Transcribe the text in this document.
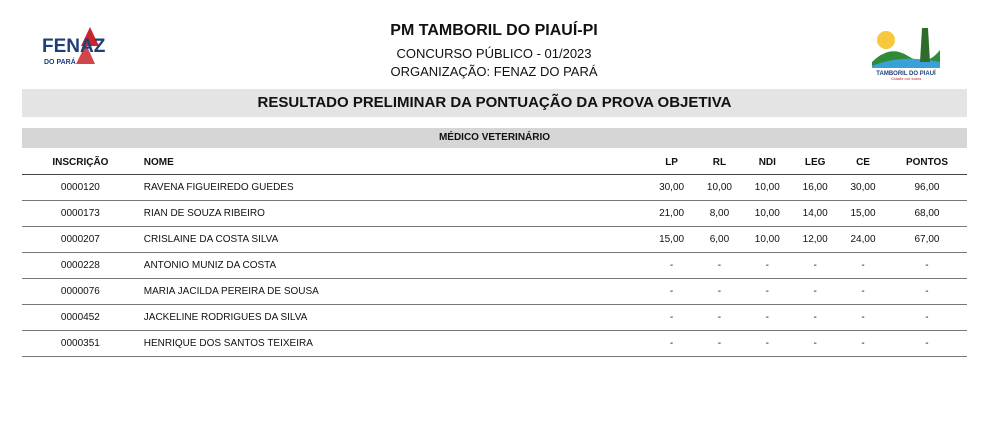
FENAZ
DO PARÁ
PM TAMBORIL DO PIAUÍ-PI
CONCURSO PÚBLICO - 01/2023
ORGANIZAÇÃO: FENAZ DO PARÁ	TAMBORIL DO PIAUÍ
Cidade por todos
RESULTADO PRELIMINAR DA PONTUAÇÃO DA PROVA OBJETIVA
MÉDICO VETERINÁRIO
INSCRIÇÃO	NOME	LP	RL	NDI	LEG	CE	PONTOS
0000120	RAVENA FIGUEIREDO GUEDES	30,00	10,00	10,00	16,00	30,00	96,00
0000173	RIAN DE SOUZA RIBEIRO	21,00	8,00	10,00	14,00	15,00	68,00
0000207	CRISLAINE DA COSTA SILVA	15,00	6,00	10,00	12,00	24,00	67,00
0000228	ANTONIO MUNIZ DA COSTA	-	-	-	-	-	-
0000076	MARIA JACILDA PEREIRA DE SOUSA	-	-	-	-	-	-
0000452	JACKELINE RODRIGUES DA SILVA	-	-	-	-	-	-
0000351	HENRIQUE DOS SANTOS TEIXEIRA	-	-	-	-	-	-
